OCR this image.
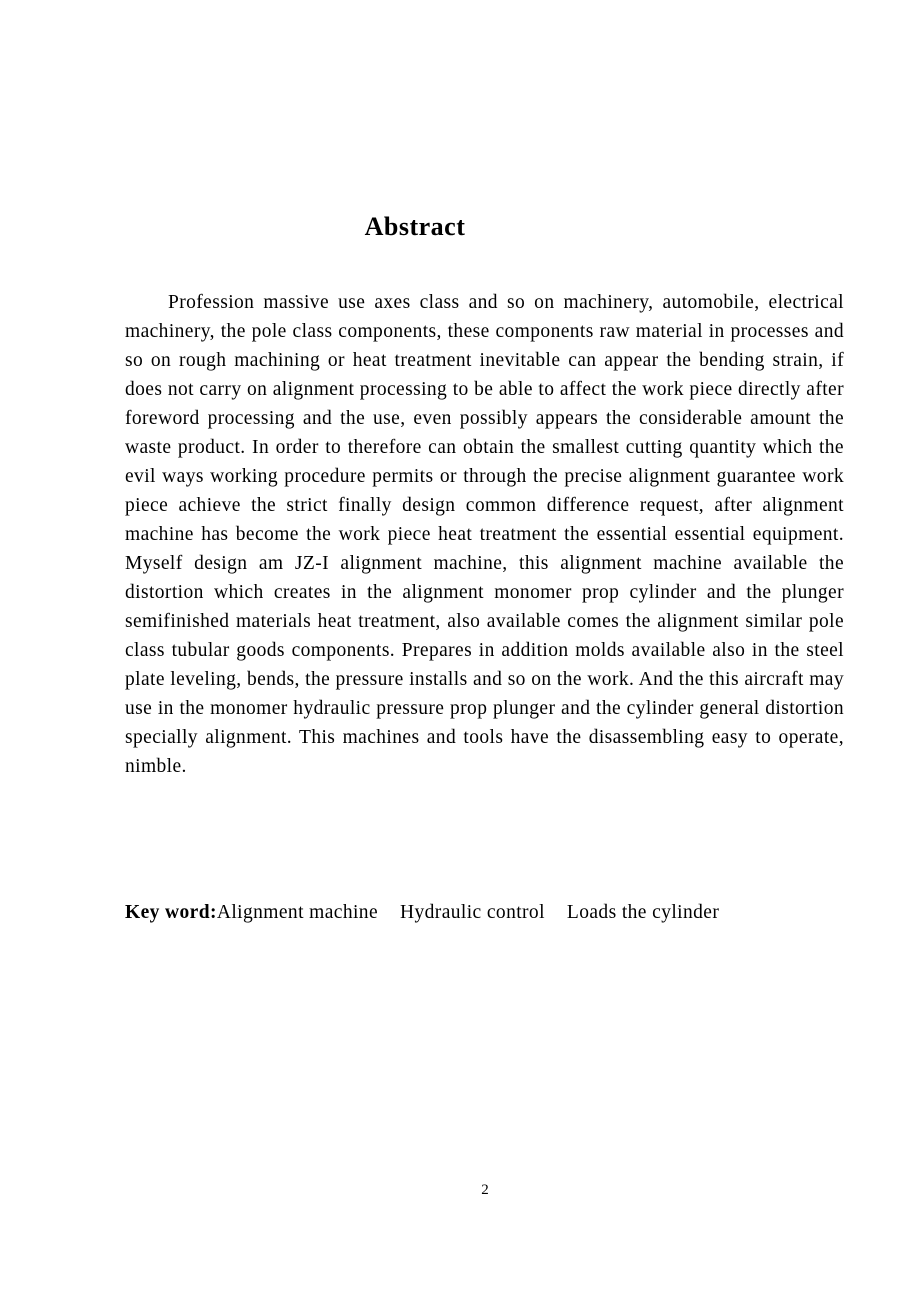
Abstract

Profession massive use axes class and so on machinery, automobile, electrical machinery, the pole class components, these components raw material in processes and so on rough machining or heat treatment inevitable can appear the bending strain, if does not carry on alignment processing to be able to affect the work piece directly after foreword processing and the use, even possibly appears the considerable amount the waste product. In order to therefore can obtain the smallest cutting quantity which the evil ways working procedure permits or through the precise alignment guarantee work piece achieve the strict finally design common difference request, after alignment machine has become the work piece heat treatment the essential essential equipment. Myself design am JZ-I alignment machine, this alignment machine available the distortion which creates in the alignment monomer prop cylinder and the plunger semifinished materials heat treatment, also available comes the alignment similar pole class tubular goods components. Prepares in addition molds available also in the steel plate leveling, bends, the pressure installs and so on the work. And the this aircraft may use in the monomer hydraulic pressure prop plunger and the cylinder general distortion specially alignment. This machines and tools have the disassembling easy to operate, nimble.

Key word:Alignment machine Hydraulic control Loads the cylinder

2
